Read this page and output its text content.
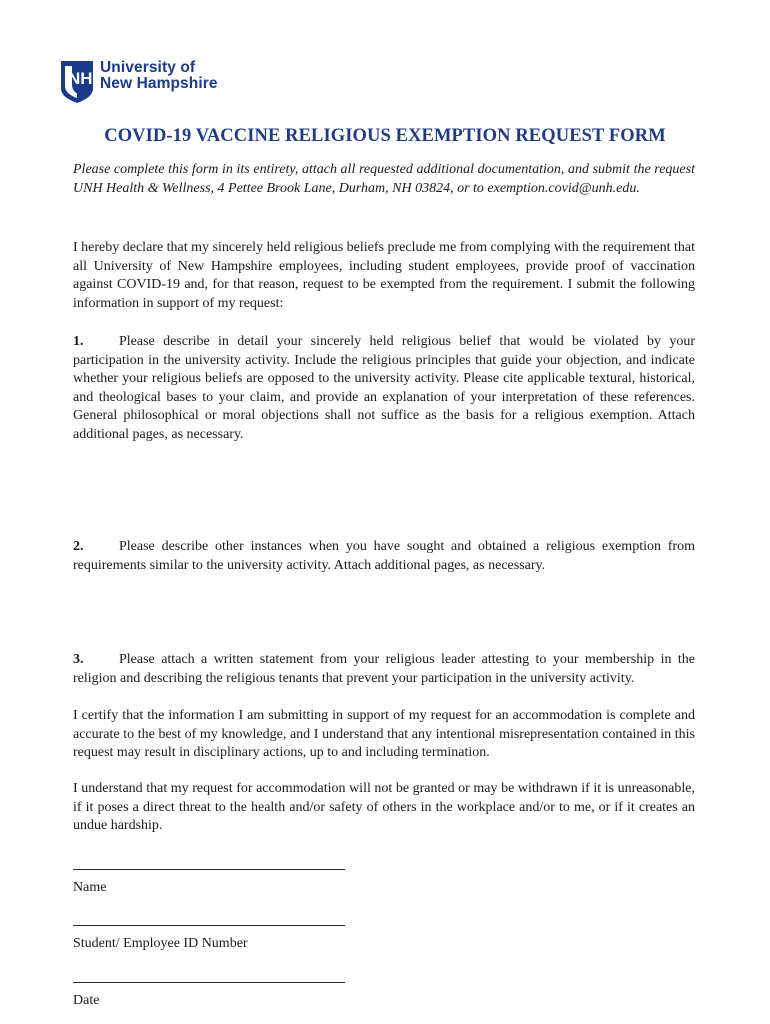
NH
University of
New Hampshire
COVID-19 VACCINE RELIGIOUS EXEMPTION REQUEST FORM
Please complete this form in its entirety, attach all requested additional documentation, and submit the request UNH Health & Wellness, 4 Pettee Brook Lane, Durham, NH 03824, or to exemption.covid@unh.edu.
I hereby declare that my sincerely held religious beliefs preclude me from complying with the requirement that all University of New Hampshire employees, including student employees, provide proof of vaccination against COVID-19 and, for that reason, request to be exempted from the requirement. I submit the following information in support of my request:
1.	Please describe in detail your sincerely held religious belief that would be violated by your participation in the university activity. Include the religious principles that guide your objection, and indicate whether your religious beliefs are opposed to the university activity. Please cite applicable textural, historical, and theological bases to your claim, and provide an explanation of your interpretation of these references. General philosophical or moral objections shall not suffice as the basis for a religious exemption. Attach additional pages, as necessary.
2.	Please describe other instances when you have sought and obtained a religious exemption from requirements similar to the university activity. Attach additional pages, as necessary.
3.	Please attach a written statement from your religious leader attesting to your membership in the religion and describing the religious tenants that prevent your participation in the university activity.
I certify that the information I am submitting in support of my request for an accommodation is complete and accurate to the best of my knowledge, and I understand that any intentional misrepresentation contained in this request may result in disciplinary actions, up to and including termination.
I understand that my request for accommodation will not be granted or may be withdrawn if it is unreasonable, if it poses a direct threat to the health and/or safety of others in the workplace and/or to me, or if it creates an undue hardship.
Name
Student/ Employee ID Number
Date
